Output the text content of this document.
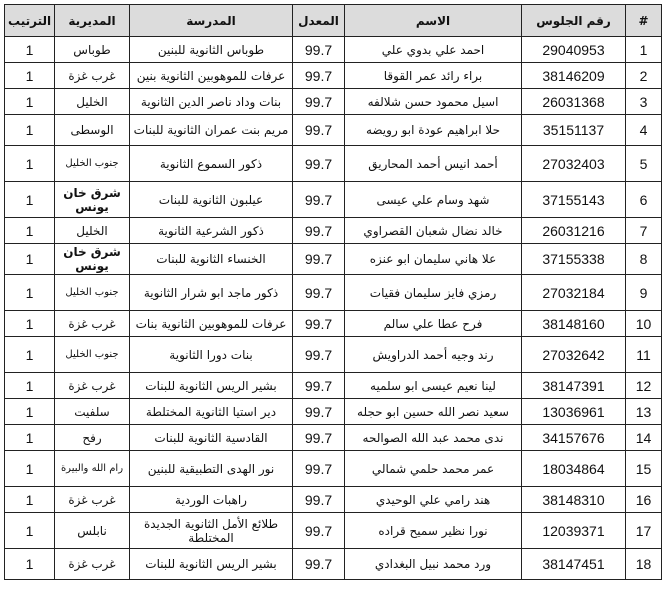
الترتيب	المديرية	المدرسة	المعدل	الاسم	رقم الجلوس	#
1	طوباس	طوباس الثانوية للبنين	99.7	احمد علي بدوي علي	29040953	1
1	غرب غزة	عرفات للموهوبين الثانوية بنين	99.7	براء رائد عمر القوقا	38146209	2
1	الخليل	بنات وداد ناصر الدين الثانوية	99.7	اسيل محمود حسن شلالفه	26031368	3
1	الوسطى	مريم بنت عمران الثانوية للبنات	99.7	حلا ابراهيم عودة ابو رويضه	35151137	4
1	جنوب الخليل	ذكور السموع الثانوية	99.7	أحمد انيس أحمد المحاريق	27032403	5
1	شرق خان يونس	عيلبون الثانوية للبنات	99.7	شهد وسام علي عيسى	37155143	6
1	الخليل	ذكور الشرعية الثانوية	99.7	خالد نضال شعبان القصراوي	26031216	7
1	شرق خان يونس	الخنساء الثانوية للبنات	99.7	علا هاني سليمان ابو عنزه	37155338	8
1	جنوب الخليل	ذكور ماجد ابو شرار الثانوية	99.7	رمزي فايز سليمان فقيات	27032184	9
1	غرب غزة	عرفات للموهوبين الثانوية بنات	99.7	فرح عطا علي سالم	38148160	10
1	جنوب الخليل	بنات دورا الثانوية	99.7	رند وجيه أحمد الدراويش	27032642	11
1	غرب غزة	بشير الريس الثانوية للبنات	99.7	لينا نعيم عيسى ابو سلميه	38147391	12
1	سلفيت	دير استيا الثانوية المختلطة	99.7	سعيد نصر الله حسين ابو حجله	13036961	13
1	رفح	القادسية الثانوية للبنات	99.7	ندى محمد عبد الله الصوالحه	34157676	14
1	رام الله والبيرة	نور الهدى التطبيقية للبنين	99.7	عمر محمد حلمي شمالي	18034864	15
1	غرب غزة	راهبات الوردية	99.7	هند رامي علي الوحيدي	38148310	16
1	نابلس	طلائع الأمل الثانوية الجديدة المختلطة	99.7	نورا نظير سميح قراده	12039371	17
1	غرب غزة	بشير الريس الثانوية للبنات	99.7	ورد محمد نبيل البغدادي	38147451	18
